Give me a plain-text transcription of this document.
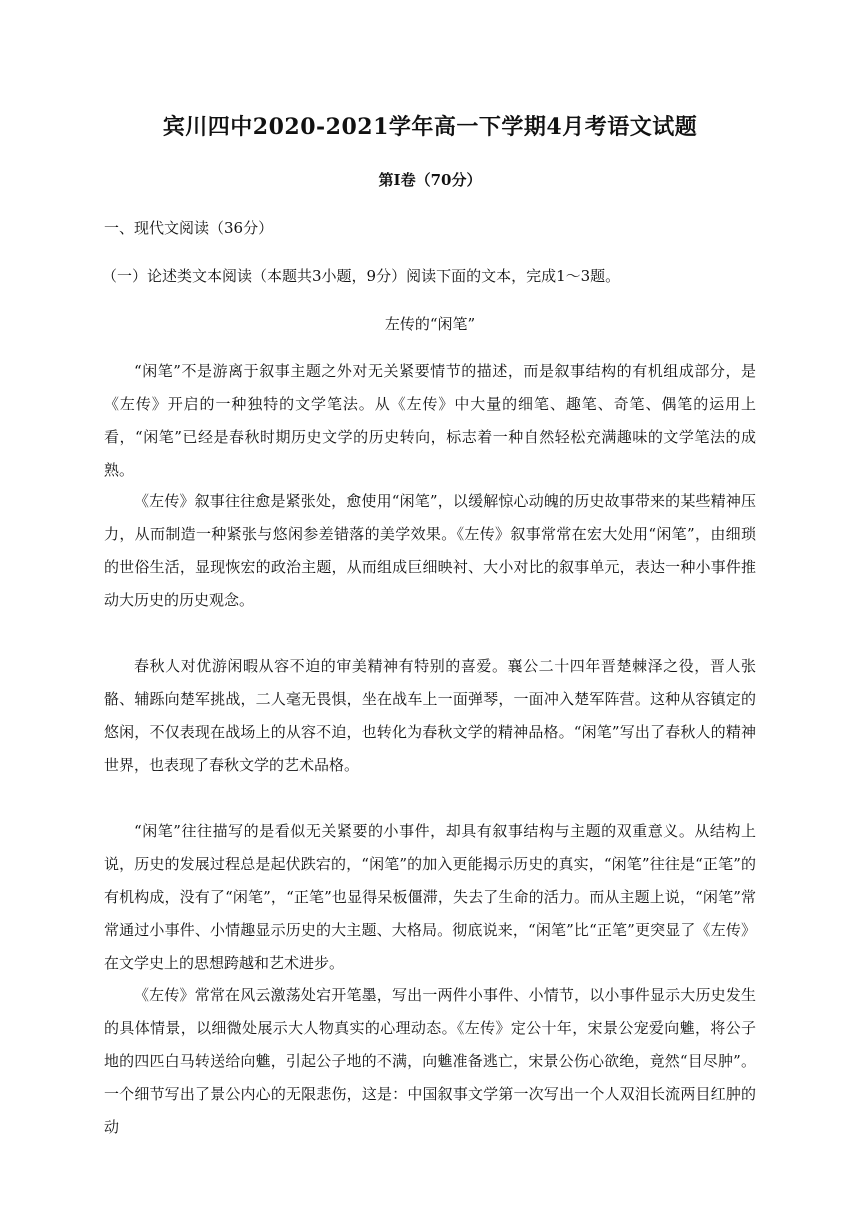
宾川四中2020-2021学年高一下学期4月考语文试题
第Ⅰ卷（70分）
一、现代文阅读（36分）
（一）论述类文本阅读（本题共3小题，9分）阅读下面的文本，完成1～3题。
左传的“闲笔”

“闲笔”不是游离于叙事主题之外对无关紧要情节的描述，而是叙事结构的有机组成部分，是《左传》开启的一种独特的文学笔法。从《左传》中大量的细笔、趣笔、奇笔、偶笔的运用上看，“闲笔”已经是春秋时期历史文学的历史转向，标志着一种自然轻松充满趣味的文学笔法的成熟。

《左传》叙事往往愈是紧张处，愈使用“闲笔”，以缓解惊心动魄的历史故事带来的某些精神压力，从而制造一种紧张与悠闲参差错落的美学效果。《左传》叙事常常在宏大处用“闲笔”，由细琐的世俗生活，显现恢宏的政治主题，从而组成巨细映衬、大小对比的叙事单元，表达一种小事件推动大历史的历史观念。

春秋人对优游闲暇从容不迫的审美精神有特别的喜爱。襄公二十四年晋楚棘泽之役，晋人张骼、辅跞向楚军挑战，二人毫无畏惧，坐在战车上一面弹琴，一面冲入楚军阵营。这种从容镇定的悠闲，不仅表现在战场上的从容不迫，也转化为春秋文学的精神品格。“闲笔”写出了春秋人的精神世界，也表现了春秋文学的艺术品格。

“闲笔”往往描写的是看似无关紧要的小事件，却具有叙事结构与主题的双重意义。从结构上说，历史的发展过程总是起伏跌宕的，“闲笔”的加入更能揭示历史的真实，“闲笔”往往是“正笔”的有机构成，没有了“闲笔”，“正笔”也显得呆板僵滞，失去了生命的活力。而从主题上说，“闲笔”常常通过小事件、小情趣显示历史的大主题、大格局。彻底说来，“闲笔”比“正笔”更突显了《左传》在文学史上的思想跨越和艺术进步。

《左传》常常在风云激荡处宕开笔墨，写出一两件小事件、小情节，以小事件显示大历史发生的具体情景，以细微处展示大人物真实的心理动态。《左传》定公十年，宋景公宠爱向魋，将公子地的四匹白马转送给向魋，引起公子地的不满，向魋准备逃亡，宋景公伤心欲绝，竟然“目尽肿”。一个细节写出了景公内心的无限悲伤，这是：中国叙事文学第一次写出一个人双泪长流两目红肿的动
